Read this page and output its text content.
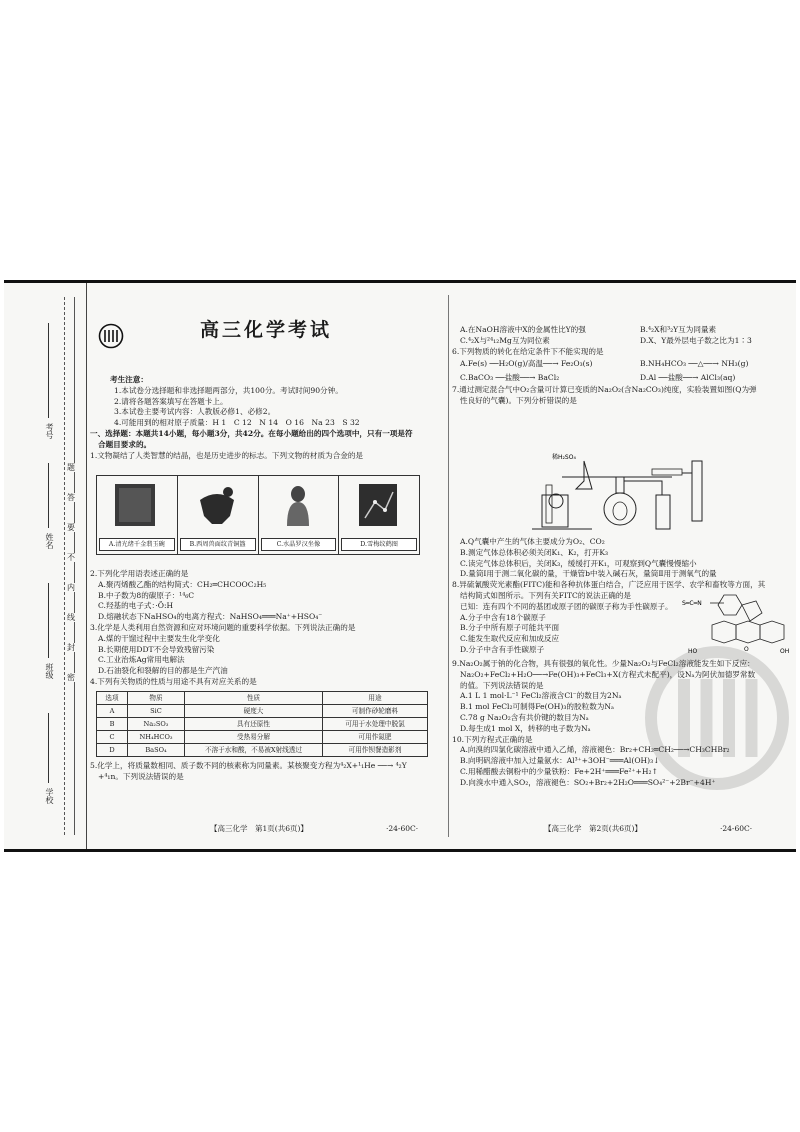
考号
姓名
班级
学校
题
答
要
不
内
线
封
密
高三化学考试

考生注意：

1.本试卷分选择题和非选择题两部分，共100分。考试时间90分钟。

2.请将各题答案填写在答题卡上。

3.本试卷主要考试内容：人教版必修1、必修2。

4.可能用到的相对原子质量：H 1　C 12　N 14　O 16　Na 23　S 32

一、选择题：本题共14小题，每小题3分，共42分。在每小题给出的四个选项中，只有一项是符

合题目要求的。

1.文物凝结了人类智慧的结晶，也是历史进步的标志。下列文物的材质为合金的是

A.清光绪千金翡玉碗	B.西周兽面纹青铜簋	C.水晶罗汉坐像	D.雪梅纹鹤图

2.下列化学用语表述正确的是

A.聚丙烯酸乙酯的结构简式：CH₂═CHCOOC₂H₅

B.中子数为8的碳原子：¹⁴₆C

C.羟基的电子式：·Ö:H

D.熔融状态下NaHSO₄的电离方程式：NaHSO₄═══Na⁺+HSO₄⁻

3.化学是人类利用自然资源和应对环境问题的重要科学依据。下列说法正确的是

A.煤的干馏过程中主要发生化学变化

B.长期使用DDT不会导致残留污染

C.工业治炼Ag常用电解法

D.石油裂化和裂解的目的都是生产汽油

4.下列有关物质的性质与用途不具有对应关系的是

选项	物质	性质	用途
A	SiC	硬度大	可制作砂轮磨料
B	Na₂SO₃	具有还原性	可用于水处理中脱氯
C	NH₄HCO₃	受热易分解	可用作氮肥
D	BaSO₄	不溶于水和酸，不易被X射线透过	可用作钡餐造影剂

5.化学上，将质量数相同、质子数不同的核素称为同量素。某核聚变方程为⁴₂X+¹₁He ──→ ⁴₂Y

+⁴₁n。下列说法错误的是

【高三化学　第1页(共6页)】	·24-60C·

A.在NaOH溶液中X的金属性比Y的强	B.⁴₂X和³₂Y互为同量素

C.⁴₂X与²⁴₁₂Mg互为同位素	D.X、Y最外层电子数之比为1∶3

6.下列物质的转化在给定条件下不能实现的是

A.Fe(s) ──H₂O(g)/高温──→ Fe₂O₃(s)	B.NH₄HCO₃ ──△──→ NH₃(g)

C.BaCO₃ ──盐酸──→ BaCl₂	D.Al ──盐酸──→ AlCl₃(aq)

7.通过测定混合气中O₂含量可计算已变质的Na₂O₂(含Na₂CO₃)纯度，实验装置如图(Q为弹

性良好的气囊)。下列分析错误的是

稀H₂SO₄

A.Q气囊中产生的气体主要成分为O₂、CO₂

B.测定气体总体积必须关闭K₁、K₂，打开K₃

C.读完气体总体积后，关闭K₃，缓缓打开K₁，可观察到Q气囊慢慢缩小

D.量筒Ⅰ用于测二氧化碳的量，干燥管b中装入碱石灰，量筒Ⅱ用于测氧气的量

8.异硫氰酸荧光素酯(FITC)能和各种抗体蛋白结合，广泛应用于医学、农学和畜牧等方面，其

结构简式如图所示。下列有关FITC的说法正确的是

已知：连有四个不同的基团或原子团的碳原子称为手性碳原子。

A.分子中含有18个碳原子

B.分子中所有原子可能共平面

C.能发生取代反应和加成反应

D.分子中含有手性碳原子

S═C═N
HO	OH
O

9.Na₂O₂属于钠的化合物，具有很强的氧化性。少量Na₂O₂与FeCl₂溶液能发生如下反应：

Na₂O₂+FeCl₂+H₂O──→Fe(OH)₃+FeCl₃+X(方程式未配平)，设Nₐ为阿伏加德罗常数

的值。下列说法错误的是

A.1 L 1 mol·L⁻¹ FeCl₂溶液含Cl⁻的数目为2Nₐ

B.1 mol FeCl₂可制得Fe(OH)₃的胶粒数为Nₐ

C.78 g Na₂O₂含有共价键的数目为Nₐ

D.每生成1 mol X，转移的电子数为Nₐ

10.下列方程式正确的是

A.向溴的四氯化碳溶液中通入乙烯，溶液褪色：Br₂+CH₂═CH₂──→CH₃CHBr₂

B.向明矾溶液中加入过量氨水：Al³⁺+3OH⁻═══Al(OH)₃↓

C.用稀醋酸去铜粉中的少量铁粉：Fe+2H⁺═══Fe²⁺+H₂↑

D.向溴水中通入SO₂，溶液褪色：SO₂+Br₂+2H₂O═══SO₄²⁻+2Br⁻+4H⁺

【高三化学　第2页(共6页)】	·24-60C·
